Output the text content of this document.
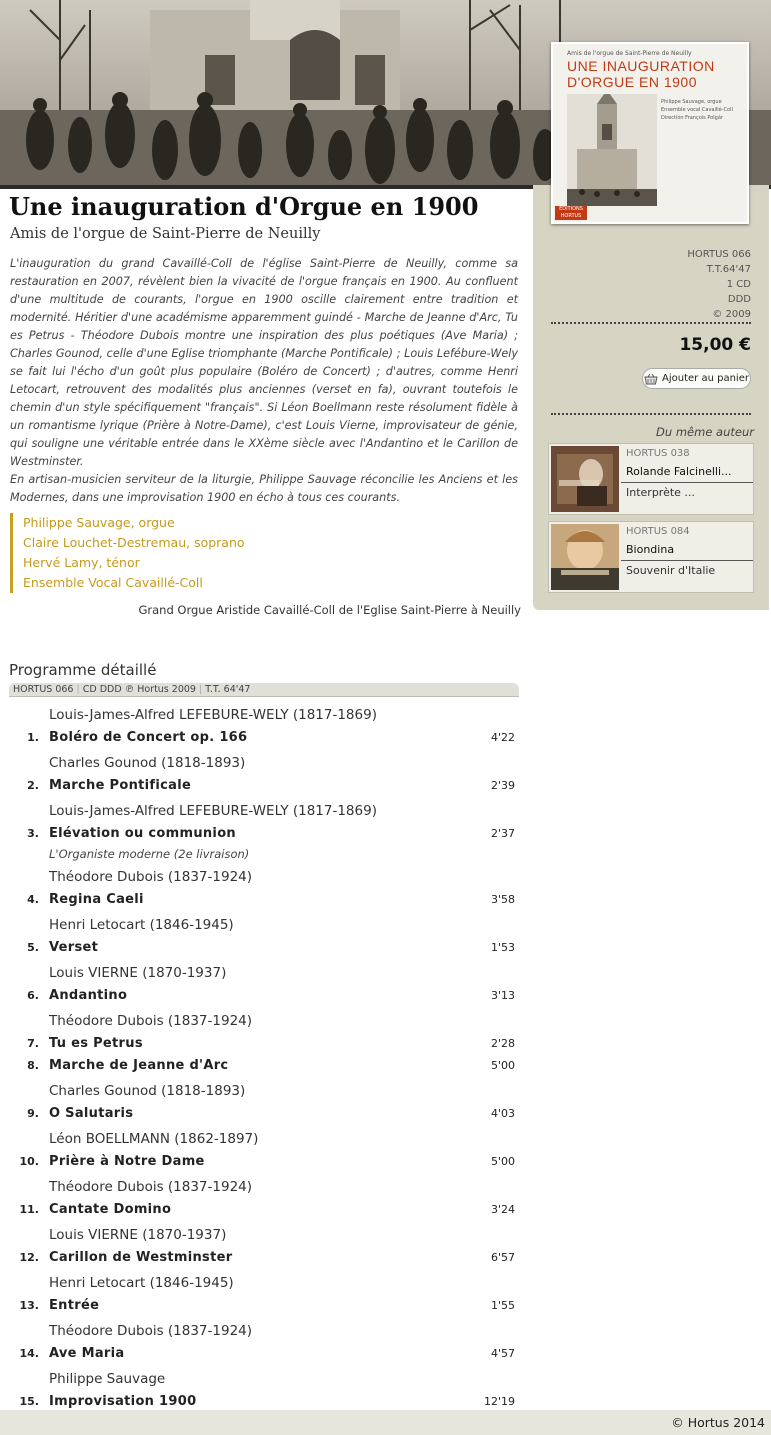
Amis de l'orgue de Saint-Pierre de Neuilly
UNE INAUGURATION
D'ORGUE EN 1900
Philippe Sauvage, orgue
Ensemble vocal Cavaillé-Coll
Direction François Polgár
ÉDITIONS HORTUS
Une inauguration d'Orgue en 1900
Amis de l'orgue de Saint-Pierre de Neuilly

L'inauguration du grand Cavaillé-Coll de l'église Saint-Pierre de Neuilly, comme sa restauration en 2007, révèlent bien la vivacité de l'orgue français en 1900. Au confluent d'une multitude de courants, l'orgue en 1900 oscille clairement entre tradition et modernité. Héritier d'une académisme apparemment guindé - Marche de Jeanne d'Arc, Tu es Petrus - Théodore Dubois montre une inspiration des plus poétiques (Ave Maria) ; Charles Gounod, celle d'une Eglise triomphante (Marche Pontificale) ; Louis Lefébure-Wely se fait lui l'écho d'un goût plus populaire (Boléro de Concert) ; d'autres, comme Henri Letocart, retrouvent des modalités plus anciennes (verset en fa), ouvrant toutefois le chemin d'un style spécifiquement "français". Si Léon Boellmann reste résolument fidèle à un romantisme lyrique (Prière à Notre-Dame), c'est Louis Vierne, improvisateur de génie, qui souligne une véritable entrée dans le XXème siècle avec l'Andantino et le Carillon de Westminster.

En artisan-musicien serviteur de la liturgie, Philippe Sauvage réconcilie les Anciens et les Modernes, dans une improvisation 1900 en écho à tous ces courants.

Philippe Sauvage, orgue
Claire Louchet-Destremau, soprano
Hervé Lamy, ténor
Ensemble Vocal Cavaillé-Coll
Grand Orgue Aristide Cavaillé-Coll de l'Eglise Saint-Pierre à Neuilly
HORTUS 066
T.T.64'47
1 CD
DDD
© 2009
15,00 €
Ajouter au panier
Du même auteur
HORTUS 038
Rolande Falcinelli...
Interprète ...
HORTUS 084
Biondina
Souvenir d'Italie
Programme détaillé
HORTUS 066 | CD DDD ℗ Hortus 2009 | T.T. 64'47
Louis-James-Alfred LEFEBURE-WELY (1817-1869)
1. Boléro de Concert op. 166	4'22
Charles Gounod (1818-1893)
2. Marche Pontificale	2'39
Louis-James-Alfred LEFEBURE-WELY (1817-1869)
3. Elévation ou communion	2'37
L'Organiste moderne (2e livraison)
Théodore Dubois (1837-1924)
4. Regina Caeli	3'58
Henri Letocart (1846-1945)
5. Verset	1'53
Louis VIERNE (1870-1937)
6. Andantino	3'13
Théodore Dubois (1837-1924)
7. Tu es Petrus	2'28
8. Marche de Jeanne d'Arc	5'00
Charles Gounod (1818-1893)
9. O Salutaris	4'03
Léon BOELLMANN (1862-1897)
10. Prière à Notre Dame	5'00
Théodore Dubois (1837-1924)
11. Cantate Domino	3'24
Louis VIERNE (1870-1937)
12. Carillon de Westminster	6'57
Henri Letocart (1846-1945)
13. Entrée	1'55
Théodore Dubois (1837-1924)
14. Ave Maria	4'57
Philippe Sauvage
15. Improvisation 1900	12'19
© Hortus 2014
